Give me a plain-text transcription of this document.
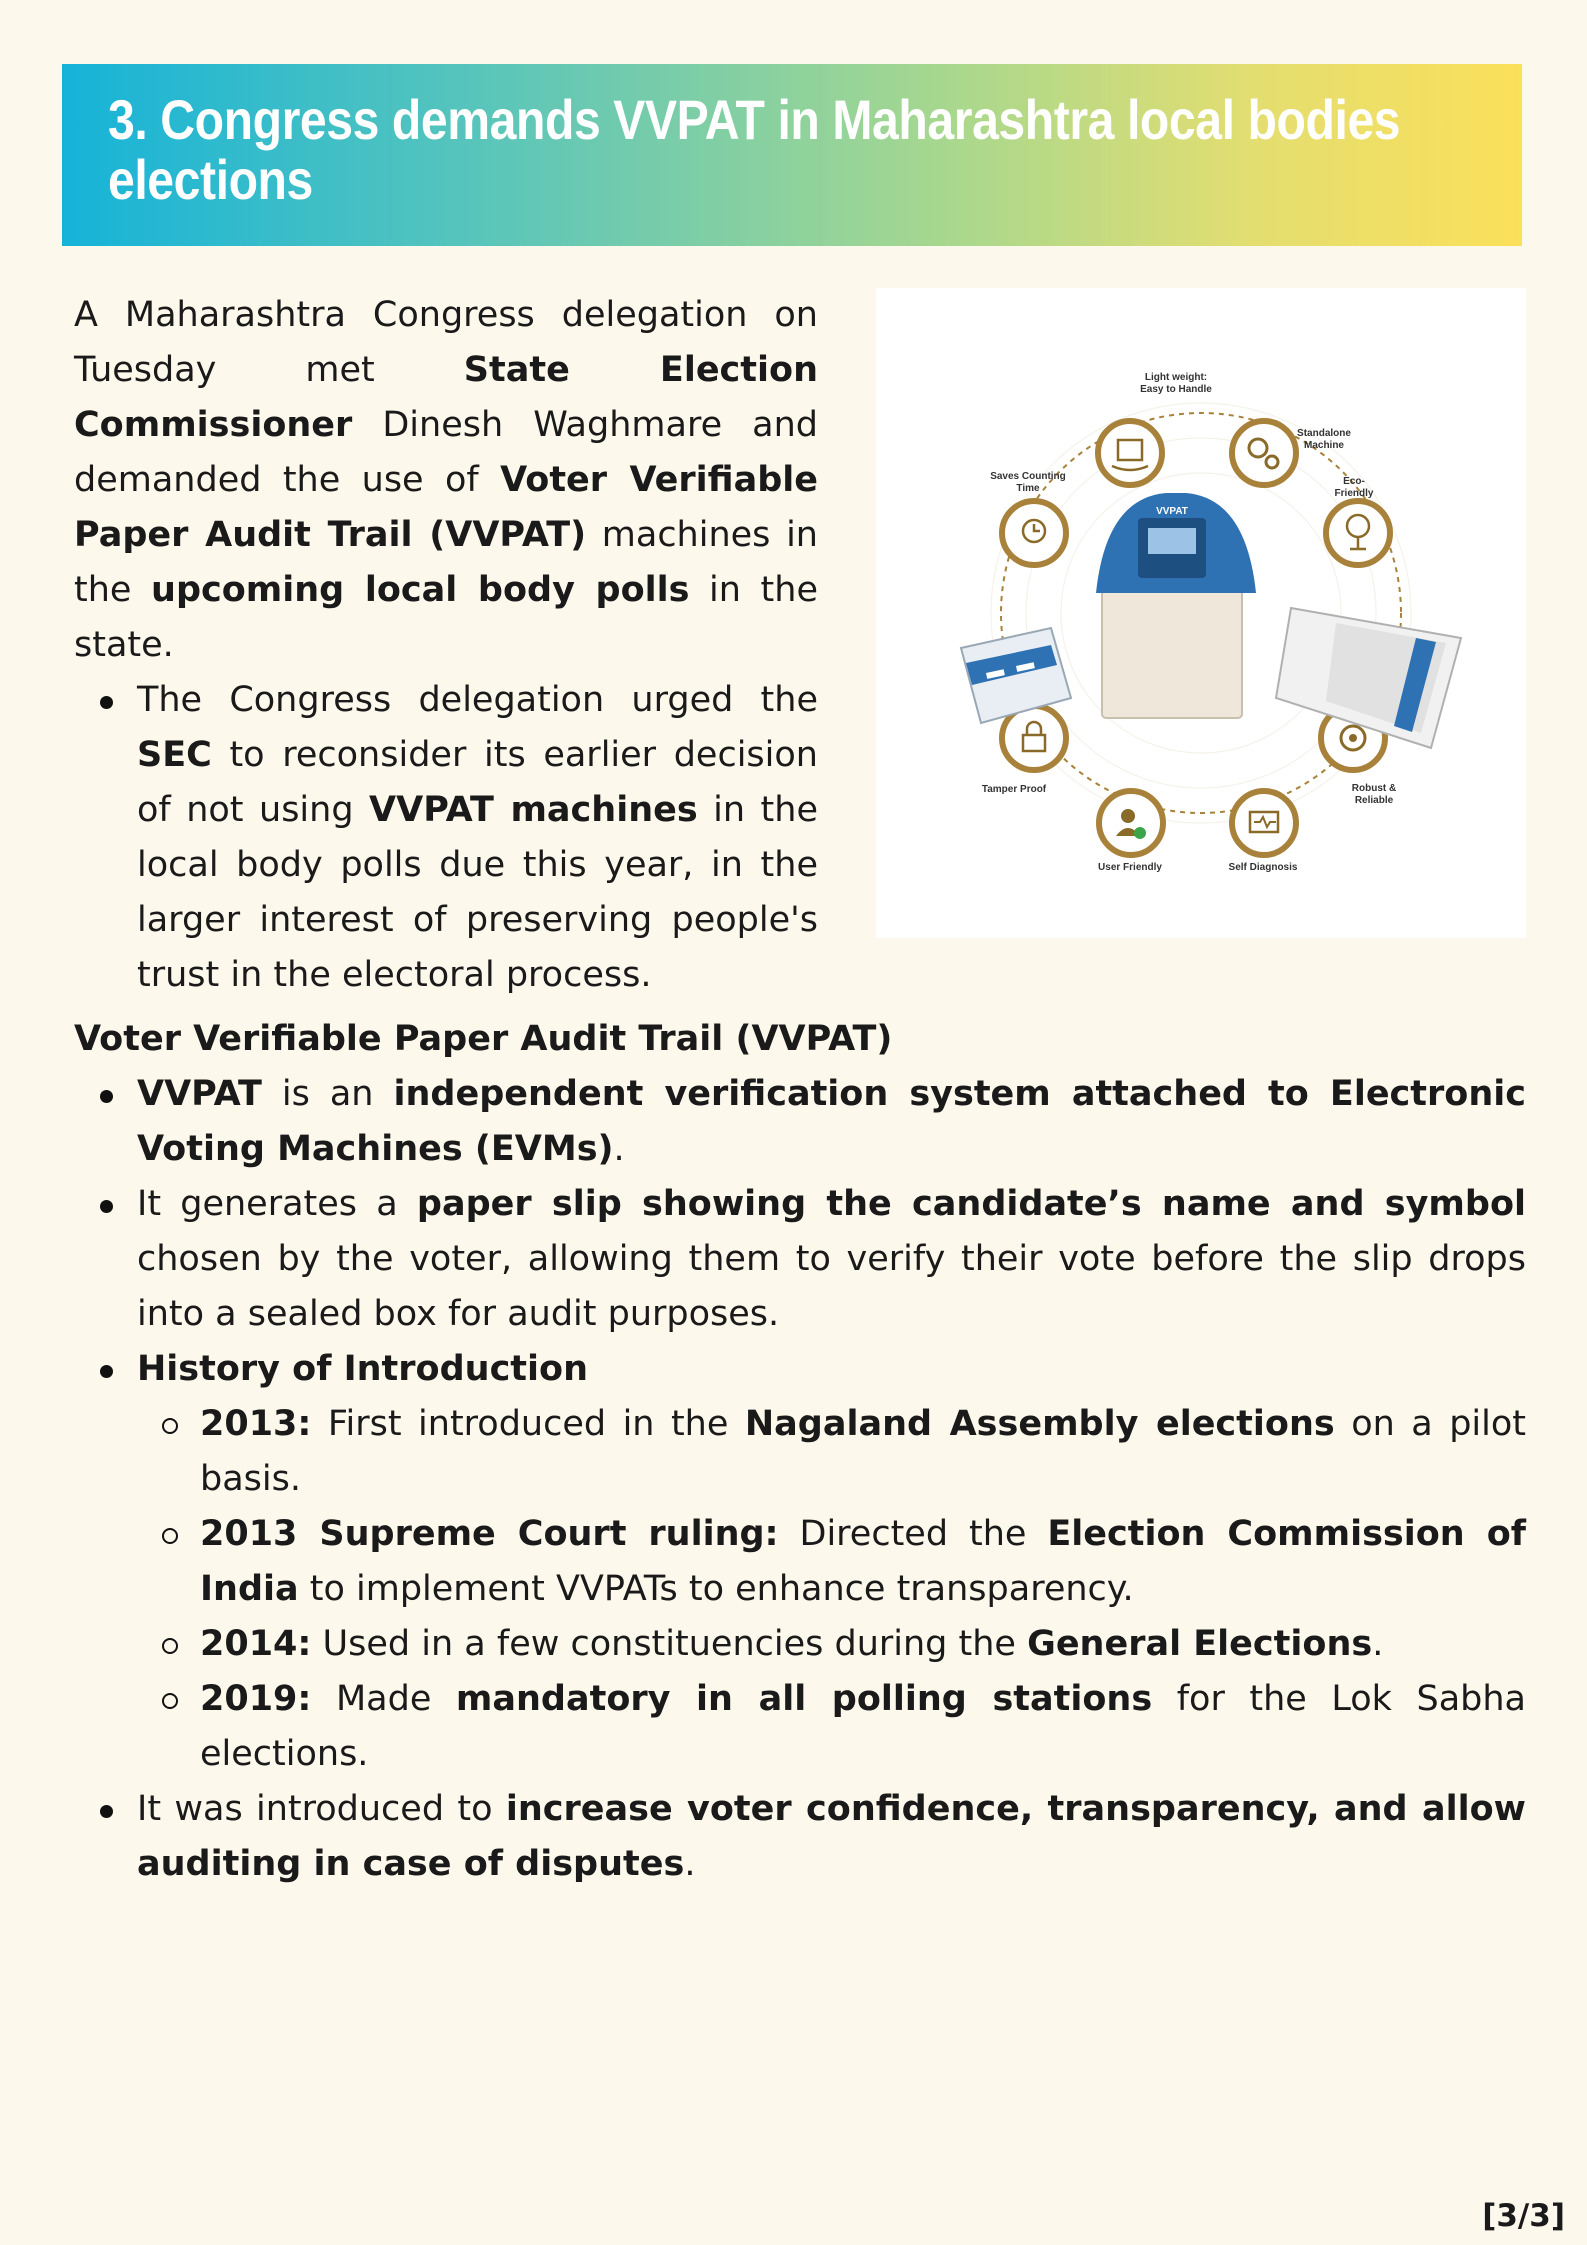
3. Congress demands VVPAT in Maharashtra local bodies elections

A Maharashtra Congress delegation on Tuesday met State Election Commissioner Dinesh Waghmare and demanded the use of Voter Verifiable Paper Audit Trail (VVPAT) machines in the upcoming local body polls in the state.

The Congress delegation urged the SEC to reconsider its earlier decision of not using VVPAT machines in the local body polls due this year, in the larger interest of preserving people's trust in the electoral process.
VVPAT
Light weight:
Easy to Handle
Standalone
Machine
Saves Counting
Time
Eco-
Friendly
Tamper Proof	Robust &
Reliable
User Friendly	Self Diagnosis
Voter Verifiable Paper Audit Trail (VVPAT)
VVPAT is an independent verification system attached to Electronic Voting Machines (EVMs).
It generates a paper slip showing the candidate’s name and symbol chosen by the voter, allowing them to verify their vote before the slip drops into a sealed box for audit purposes.
History of Introduction
2013: First introduced in the Nagaland Assembly elections on a pilot basis.
2013 Supreme Court ruling: Directed the Election Commission of India to implement VVPATs to enhance transparency.
2014: Used in a few constituencies during the General Elections.
2019: Made mandatory in all polling stations for the Lok Sabha elections.
It was introduced to increase voter confidence, transparency, and allow auditing in case of disputes.
[3/3]
